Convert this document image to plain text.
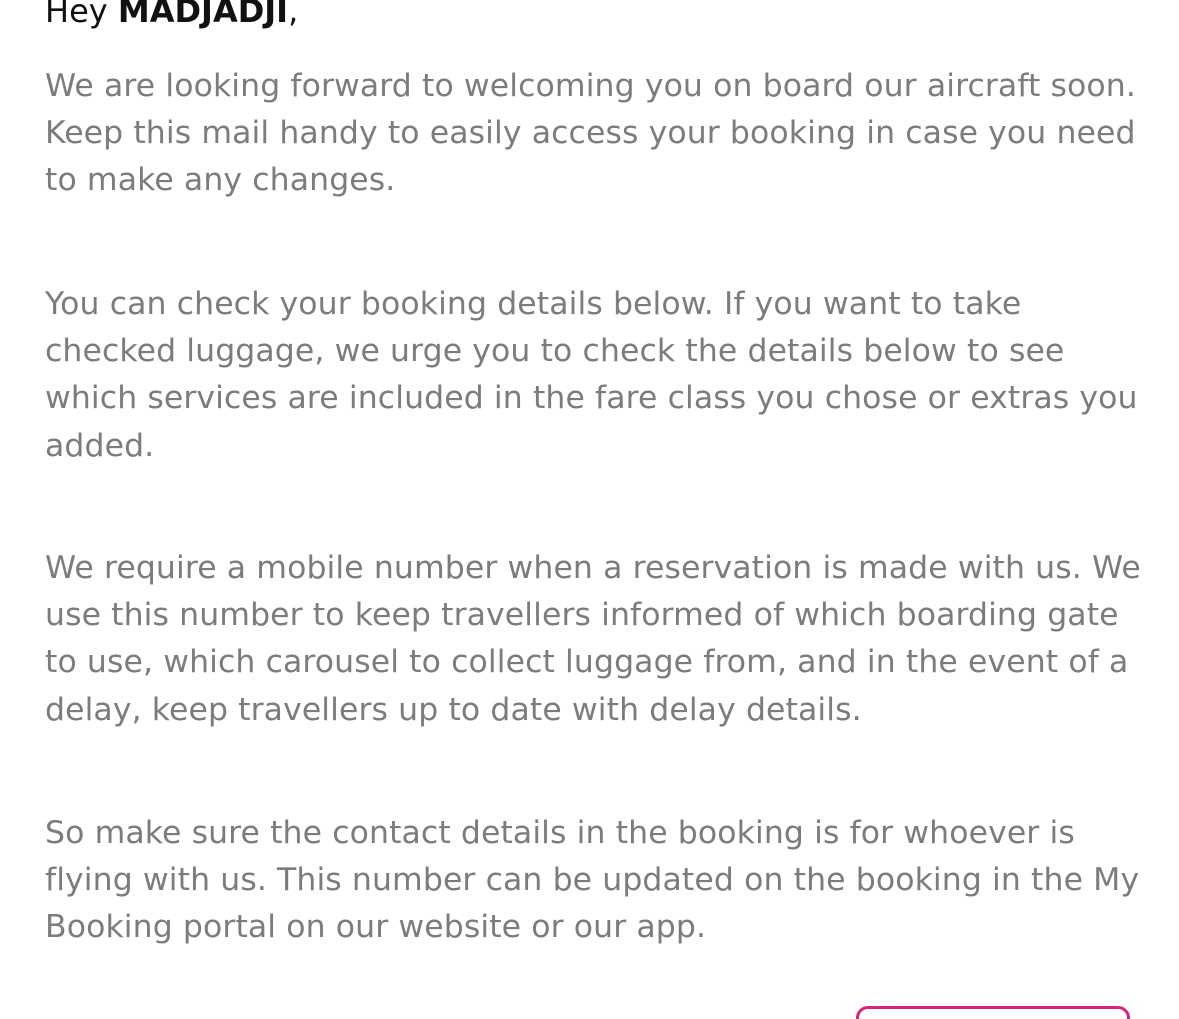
Hey MADJADJI,

We are looking forward to welcoming you on board our aircraft soon. Keep this mail handy to easily access your booking in case you need to make any changes.

You can check your booking details below. If you want to take checked luggage, we urge you to check the details below to see which services are included in the fare class you chose or extras you added.

We require a mobile number when a reservation is made with us. We use this number to keep travellers informed of which boarding gate to use, which carousel to collect luggage from, and in the event of a delay, keep travellers up to date with delay details.

So make sure the contact details in the booking is for whoever is flying with us. This number can be updated on the booking in the My Booking portal on our website or our app.
